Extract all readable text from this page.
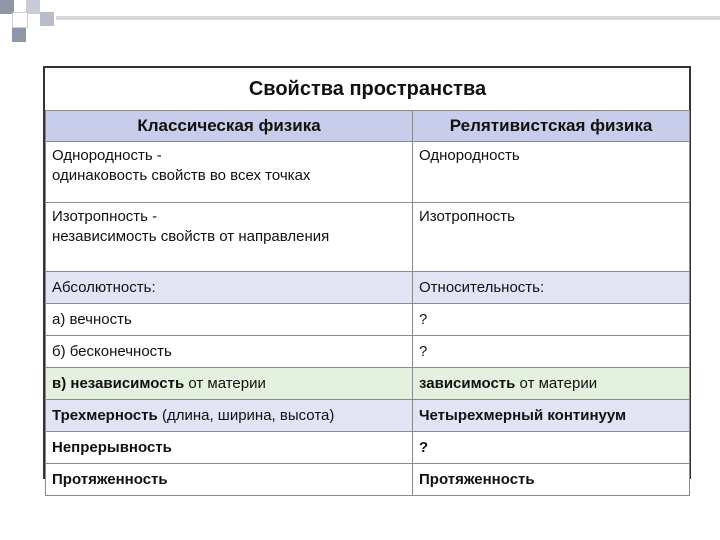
Свойства пространства	
Классическая физика	Релятивистская физика
Однородность -
одинаковость свойств во всех точках	Однородность
Изотропность -
независимость свойств от направления	Изотропность
Абсолютность:	Относительность:
а) вечность	?
б) бесконечность	?
в) независимость от материи	зависимость от материи
Трехмерность (длина, ширина, высота)	Четырехмерный континуум
Непрерывность	?
Протяженность	Протяженность
